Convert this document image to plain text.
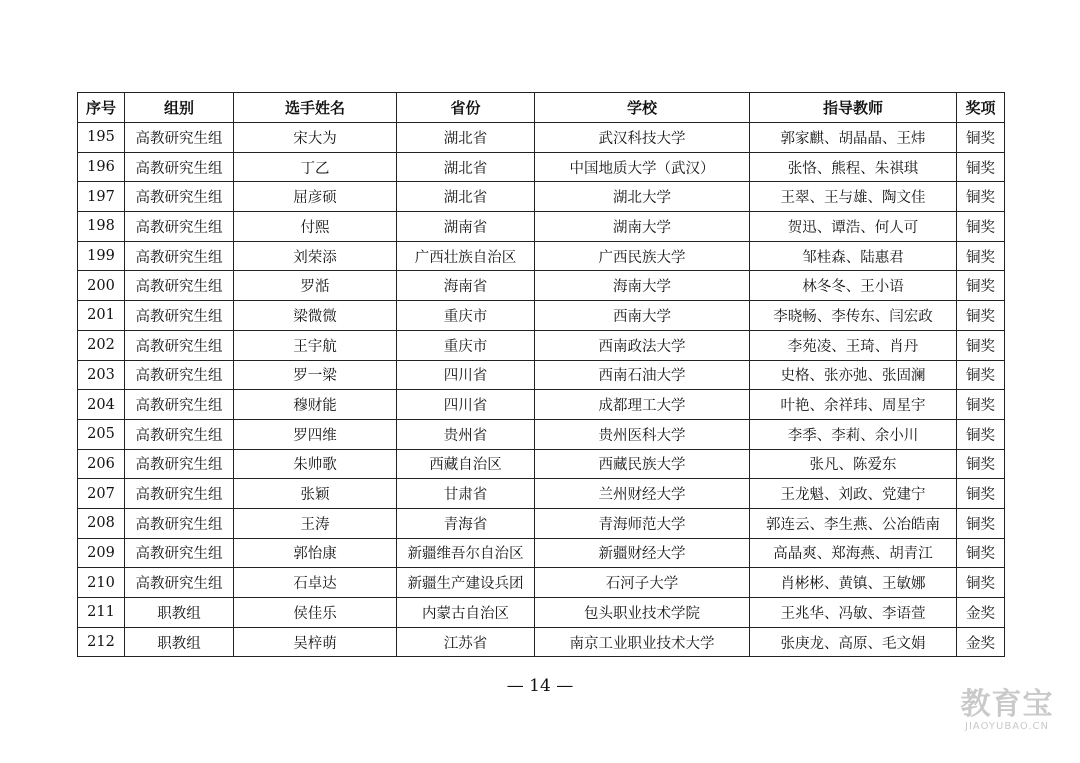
序号	组别	选手姓名	省份	学校	指导教师	奖项
195	高教研究生组	宋大为	湖北省	武汉科技大学	郭家麒、胡晶晶、王炜	铜奖
196	高教研究生组	丁乙	湖北省	中国地质大学（武汉）	张恪、熊程、朱祺琪	铜奖
197	高教研究生组	屈彦硕	湖北省	湖北大学	王翠、王与雄、陶文佳	铜奖
198	高教研究生组	付熙	湖南省	湖南大学	贺迅、谭浩、何人可	铜奖
199	高教研究生组	刘荣添	广西壮族自治区	广西民族大学	邹桂森、陆惠君	铜奖
200	高教研究生组	罗湉	海南省	海南大学	林冬冬、王小语	铜奖
201	高教研究生组	梁微微	重庆市	西南大学	李晓畅、李传东、闫宏政	铜奖
202	高教研究生组	王宇航	重庆市	西南政法大学	李苑凌、王琦、肖丹	铜奖
203	高教研究生组	罗一梁	四川省	西南石油大学	史格、张亦弛、张固澜	铜奖
204	高教研究生组	穆财能	四川省	成都理工大学	叶艳、余祥玮、周星宇	铜奖
205	高教研究生组	罗四维	贵州省	贵州医科大学	李季、李莉、余小川	铜奖
206	高教研究生组	朱帅歌	西藏自治区	西藏民族大学	张凡、陈爱东	铜奖
207	高教研究生组	张颖	甘肃省	兰州财经大学	王龙魁、刘政、党建宁	铜奖
208	高教研究生组	王涛	青海省	青海师范大学	郭连云、李生燕、公冶皓南	铜奖
209	高教研究生组	郭怡康	新疆维吾尔自治区	新疆财经大学	高晶爽、郑海燕、胡青江	铜奖
210	高教研究生组	石卓达	新疆生产建设兵团	石河子大学	肖彬彬、黄镇、王敏娜	铜奖
211	职教组	侯佳乐	内蒙古自治区	包头职业技术学院	王兆华、冯敏、李语萱	金奖
212	职教组	吴梓萌	江苏省	南京工业职业技术大学	张庚龙、高原、毛文娟	金奖
— 14 —
教育宝
JIAOYUBAO.CN
